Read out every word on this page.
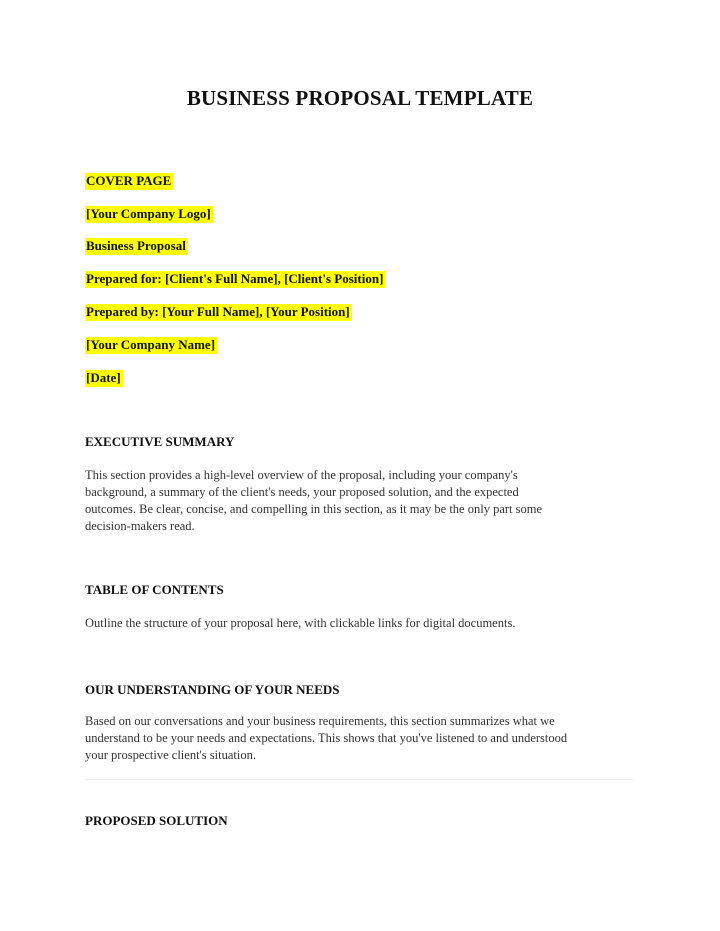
BUSINESS PROPOSAL TEMPLATE
COVER PAGE
[Your Company Logo]
Business Proposal
Prepared for: [Client's Full Name], [Client's Position]
Prepared by: [Your Full Name], [Your Position]
[Your Company Name]
[Date]
EXECUTIVE SUMMARY
This section provides a high-level overview of the proposal, including your company's
background, a summary of the client's needs, your proposed solution, and the expected
outcomes. Be clear, concise, and compelling in this section, as it may be the only part some
decision-makers read.
TABLE OF CONTENTS
Outline the structure of your proposal here, with clickable links for digital documents.
OUR UNDERSTANDING OF YOUR NEEDS
Based on our conversations and your business requirements, this section summarizes what we
understand to be your needs and expectations. This shows that you've listened to and understood
your prospective client's situation.
PROPOSED SOLUTION
